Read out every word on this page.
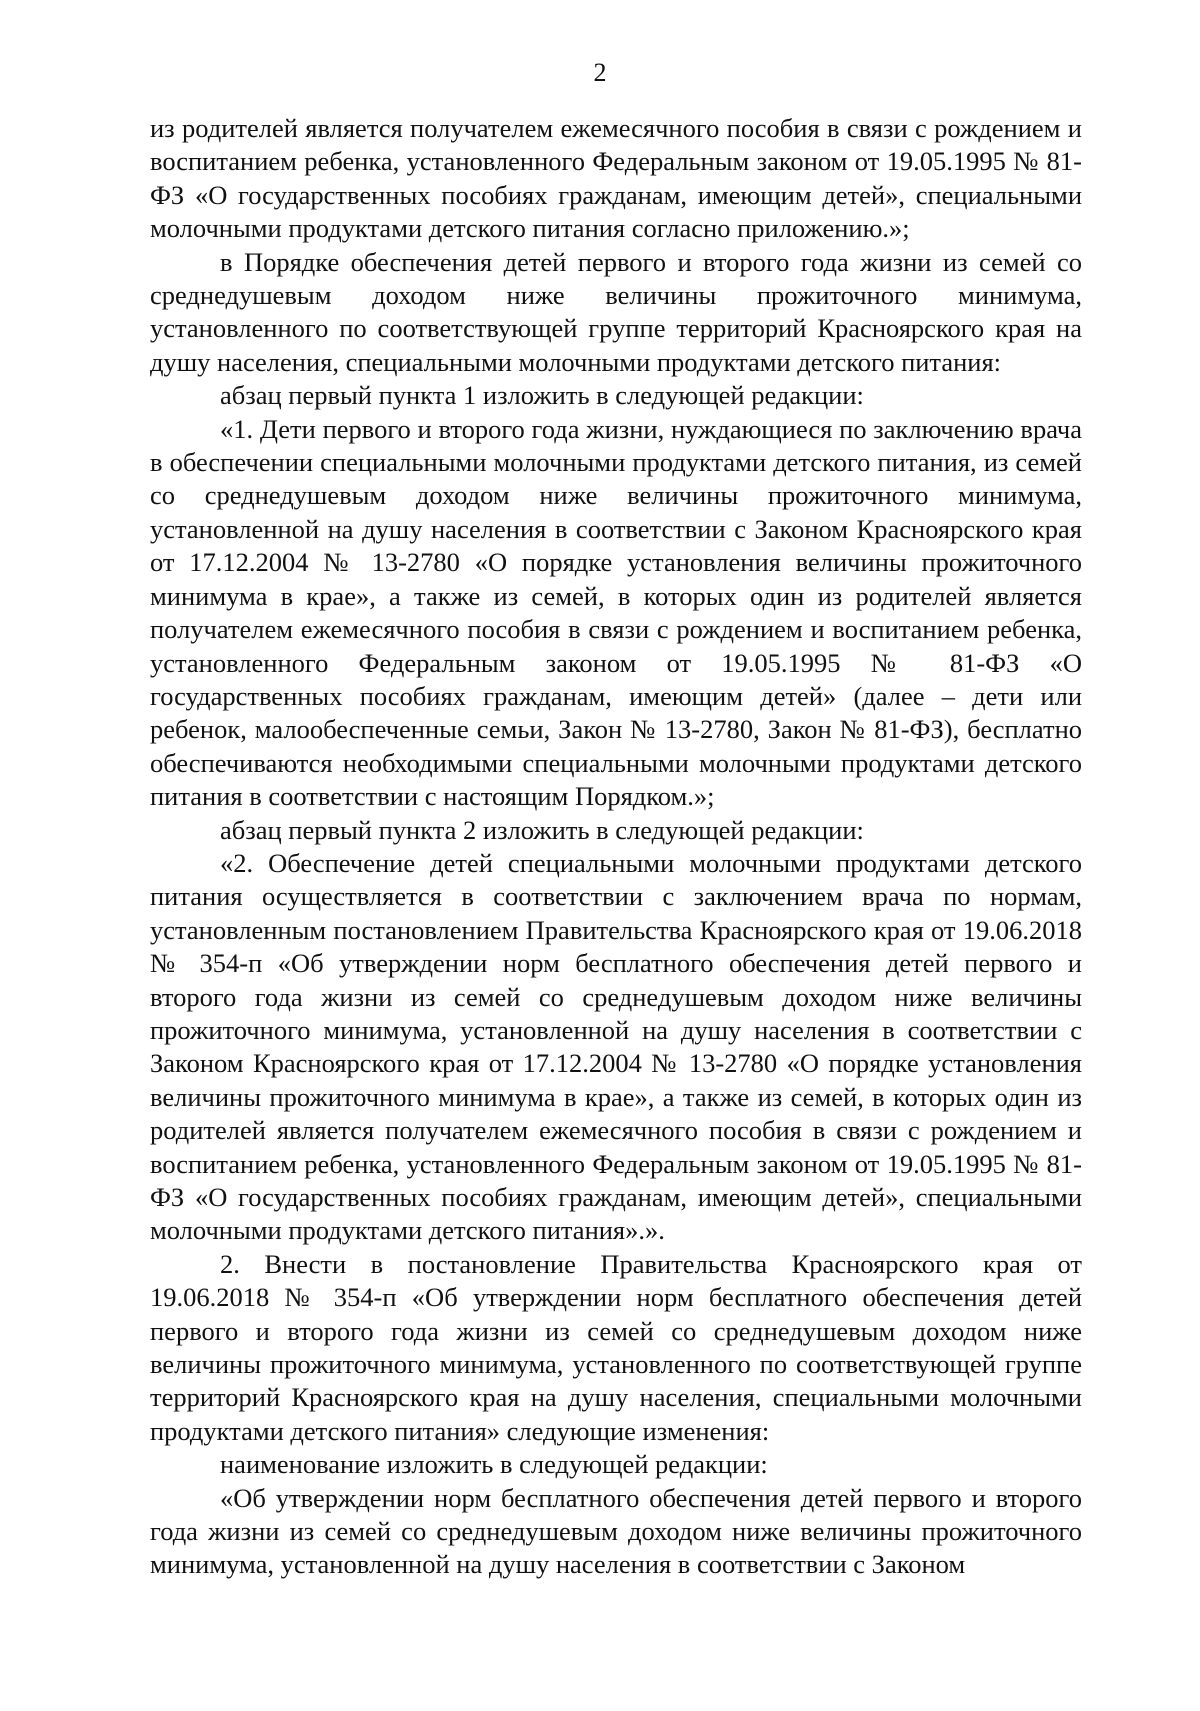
2

из родителей является получателем ежемесячного пособия в связи с рождением и воспитанием ребенка, установленного Федеральным законом от 19.05.1995 № 81-ФЗ «О государственных пособиях гражданам, имеющим детей», специальными молочными продуктами детского питания согласно приложению.»;

в Порядке обеспечения детей первого и второго года жизни из семей со среднедушевым доходом ниже величины прожиточного минимума, установленного по соответствующей группе территорий Красноярского края на душу населения, специальными молочными продуктами детского питания:

абзац первый пункта 1 изложить в следующей редакции:

«1. Дети первого и второго года жизни, нуждающиеся по заключению врача в обеспечении специальными молочными продуктами детского питания, из семей со среднедушевым доходом ниже величины прожиточного минимума, установленной на душу населения в соответствии с Законом Красноярского края от 17.12.2004 № 13-2780 «О порядке установления величины прожиточного минимума в крае», а также из семей, в которых один из родителей является получателем ежемесячного пособия в связи с рождением и воспитанием ребенка, установленного Федеральным законом от 19.05.1995 № 81-ФЗ «О государственных пособиях гражданам, имеющим детей» (далее – дети или ребенок, малообеспеченные семьи, Закон № 13-2780, Закон № 81-ФЗ), бесплатно обеспечиваются необходимыми специальными молочными продуктами детского питания в соответствии с настоящим Порядком.»;

абзац первый пункта 2 изложить в следующей редакции:

«2. Обеспечение детей специальными молочными продуктами детского питания осуществляется в соответствии с заключением врача по нормам, установленным постановлением Правительства Красноярского края от 19.06.2018 № 354-п «Об утверждении норм бесплатного обеспечения детей первого и второго года жизни из семей со среднедушевым доходом ниже величины прожиточного минимума, установленной на душу населения в соответствии с Законом Красноярского края от 17.12.2004 № 13-2780 «О порядке установления величины прожиточного минимума в крае», а также из семей, в которых один из родителей является получателем ежемесячного пособия в связи с рождением и воспитанием ребенка, установленного Федеральным законом от 19.05.1995 № 81-ФЗ «О государственных пособиях гражданам, имеющим детей», специальными молочными продуктами детского питания».».

2. Внести в постановление Правительства Красноярского края от 19.06.2018 № 354-п «Об утверждении норм бесплатного обеспечения детей первого и второго года жизни из семей со среднедушевым доходом ниже величины прожиточного минимума, установленного по соответствующей группе территорий Красноярского края на душу населения, специальными молочными продуктами детского питания» следующие изменения:

наименование изложить в следующей редакции:

«Об утверждении норм бесплатного обеспечения детей первого и второго года жизни из семей со среднедушевым доходом ниже величины прожиточного минимума, установленной на душу населения в соответствии с Законом
